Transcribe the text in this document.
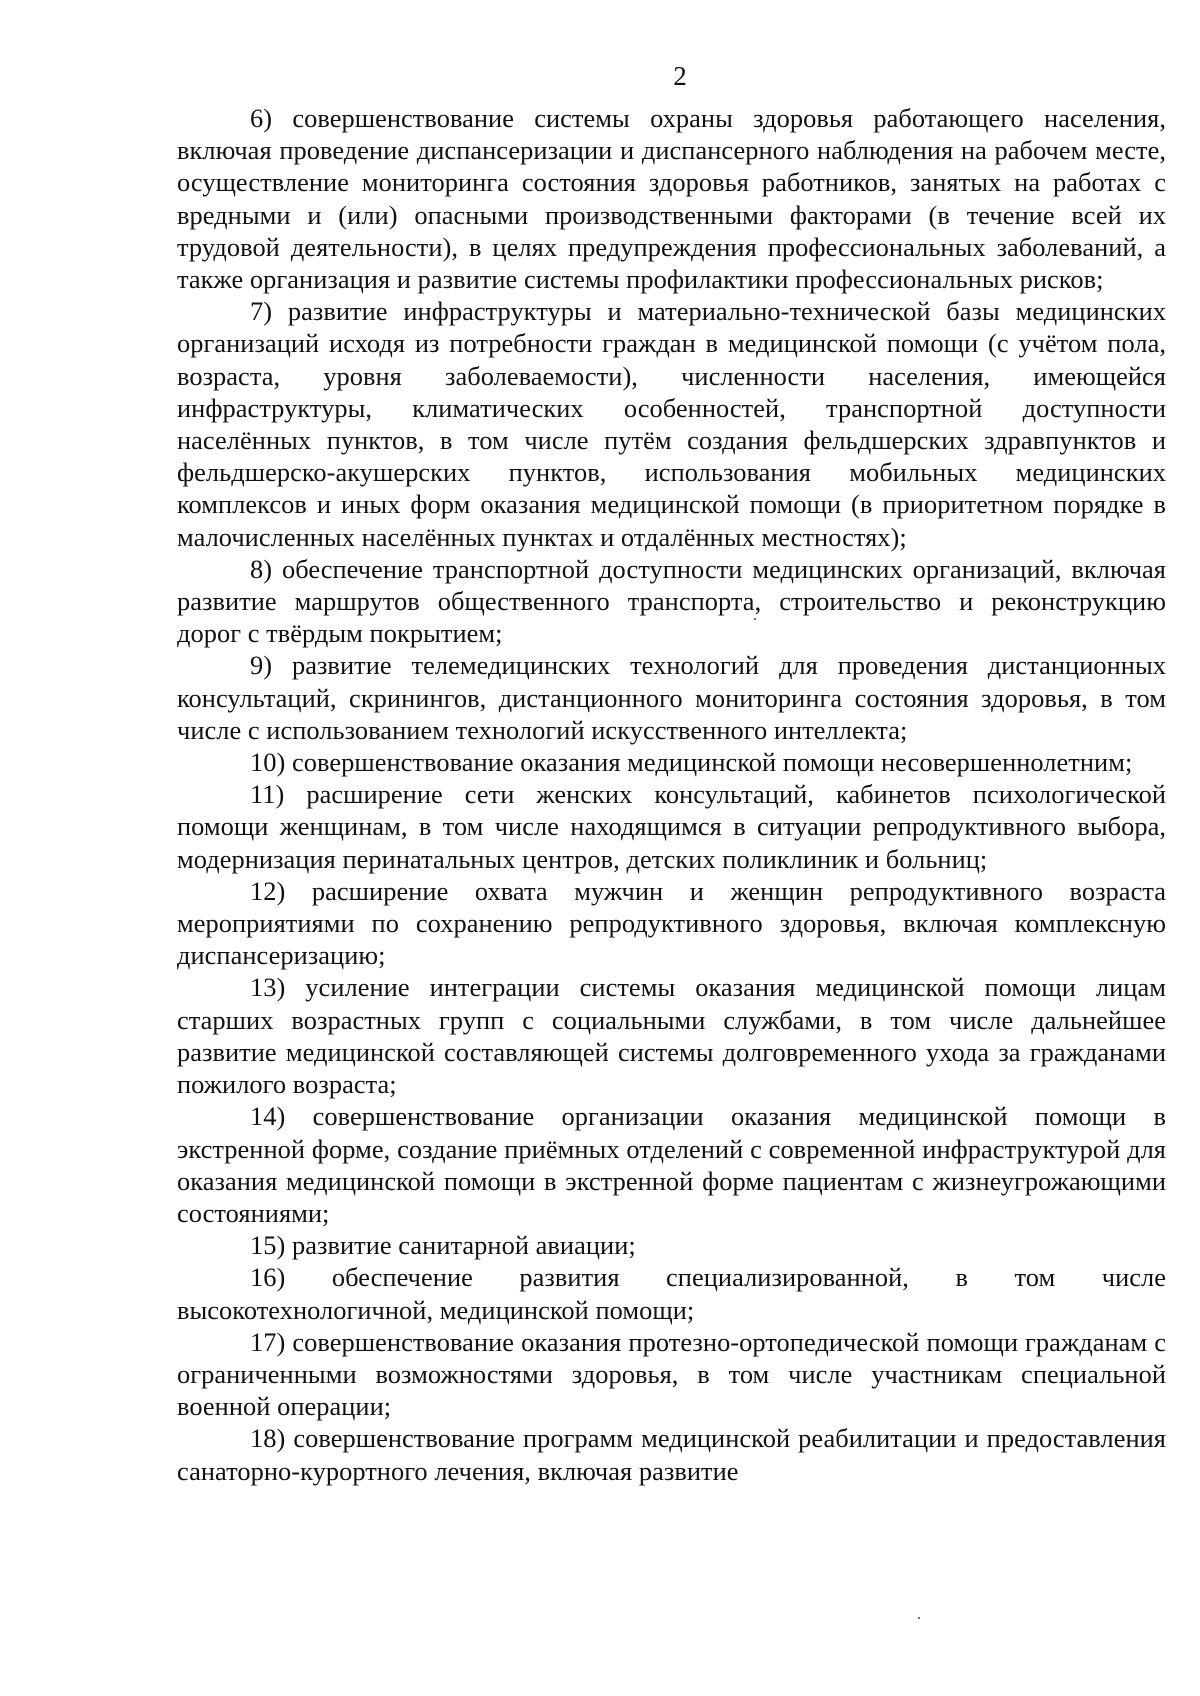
2

6) совершенствование системы охраны здоровья работающего населения, включая проведение диспансеризации и диспансерного наблюдения на рабочем месте, осуществление мониторинга состояния здоровья работников, занятых на работах с вредными и (или) опасными производственными факторами (в течение всей их трудовой деятельности), в целях предупреждения профессиональных заболеваний, а также организация и развитие системы профилактики профессиональных рисков;

7) развитие инфраструктуры и материально-технической базы медицинских организаций исходя из потребности граждан в медицинской помощи (с учётом пола, возраста, уровня заболеваемости), численности населения, имеющейся инфраструктуры, климатических особенностей, транспортной доступности населённых пунктов, в том числе путём создания фельдшерских здравпунктов и фельдшерско-акушерских пунктов, использования мобильных медицинских комплексов и иных форм оказания медицинской помощи (в приоритетном порядке в малочисленных населённых пунктах и отдалённых местностях);

8) обеспечение транспортной доступности медицинских организаций, включая развитие маршрутов общественного транспорта, строительство и реконструкцию дорог с твёрдым покрытием;

9) развитие телемедицинских технологий для проведения дистанционных консультаций, скринингов, дистанционного мониторинга состояния здоровья, в том числе с использованием технологий искусственного интеллекта;

10) совершенствование оказания медицинской помощи несовершеннолетним;

11) расширение сети женских консультаций, кабинетов психологической помощи женщинам, в том числе находящимся в ситуации репродуктивного выбора, модернизация перинатальных центров, детских поликлиник и больниц;

12) расширение охвата мужчин и женщин репродуктивного возраста мероприятиями по сохранению репродуктивного здоровья, включая комплексную диспансеризацию;

13) усиление интеграции системы оказания медицинской помощи лицам старших возрастных групп с социальными службами, в том числе дальнейшее развитие медицинской составляющей системы долговременного ухода за гражданами пожилого возраста;

14) совершенствование организации оказания медицинской помощи в экстренной форме, создание приёмных отделений с современной инфраструктурой для оказания медицинской помощи в экстренной форме пациентам с жизнеугрожающими состояниями;

15) развитие санитарной авиации;

16) обеспечение развития специализированной, в том числе высокотехнологичной, медицинской помощи;

17) совершенствование оказания протезно-ортопедической помощи гражданам с ограниченными возможностями здоровья, в том числе участникам специальной военной операции;

18) совершенствование программ медицинской реабилитации и предоставления санаторно-курортного лечения, включая развитие
